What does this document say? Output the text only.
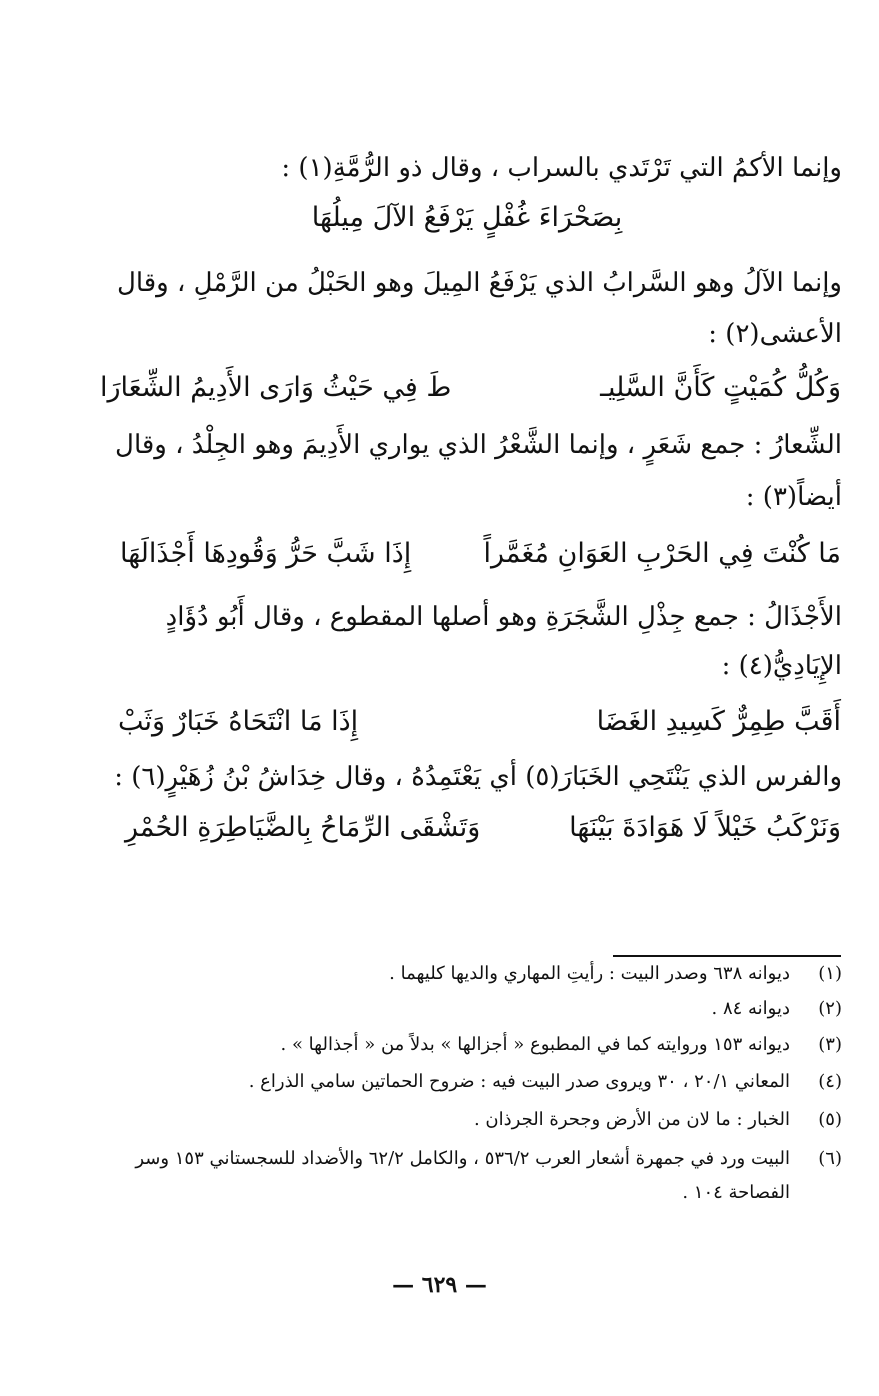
وإنما الأكمُ التي تَرْتَدي بالسراب ، وقال ذو الرُّمَّةِ(١) :
بِصَحْرَاءَ غُفْلٍ يَرْفَعُ الآلَ مِيلُهَا
وإنما الآلُ وهو السَّرابُ الذي يَرْفَعُ المِيلَ وهو الحَبْلُ من الرَّمْلِ ، وقال
الأعشى(٢) :
وَكُلُّ كُمَيْتٍ كَأَنَّ السَّلِيـ
طَ فِي حَيْثُ وَارَى الأَدِيمُ الشِّعَارَا
الشِّعارُ : جمع شَعَرٍ ، وإنما الشَّعْرُ الذي يواري الأَدِيمَ وهو الجِلْدُ ، وقال
أيضاً(٣) :
مَا كُنْتَ فِي الحَرْبِ العَوَانِ مُغَمَّراً
إِذَا شَبَّ حَرُّ وَقُودِهَا أَجْذَالَهَا
الأَجْذَالُ : جمع جِذْلِ الشَّجَرَةِ وهو أصلها المقطوع ، وقال أَبُو دُؤَادٍ
الإِيَادِيُّ(٤) :
أَقَبَّ طِمِرٌّ كَسِيدِ الغَضَا
إِذَا مَا انْتَحَاهُ خَبَارٌ وَثَبْ
والفرس الذي يَنْتَحِي الخَبَارَ(٥) أي يَعْتَمِدُهُ ، وقال خِدَاشُ بْنُ زُهَيْرٍ(٦) :
وَنَرْكَبُ خَيْلاً لَا هَوَادَةَ بَيْنَهَا
وَتَشْقَى الرِّمَاحُ بِالضَّيَاطِرَةِ الحُمْرِ
(١)
ديوانه ٦٣٨ وصدر البيت : رأيتِ المهاري والديها كليهما .
(٢)
ديوانه ٨٤ .
(٣)
ديوانه ١٥٣ وروايته كما في المطبوع « أجزالها » بدلاً من « أجذالها » .
(٤)
المعاني ٢٠/١ ، ٣٠ ويروى صدر البيت فيه : ضروح الحماتين سامي الذراع .
(٥)
الخبار : ما لان من الأرض وجحرة الجرذان .
(٦)
البيت ورد في جمهرة أشعار العرب ٥٣٦/٢ ، والكامل ٦٢/٢ والأضداد للسجستاني ١٥٣ وسر
الفصاحة ١٠٤ .
— ٦٢٩ —
